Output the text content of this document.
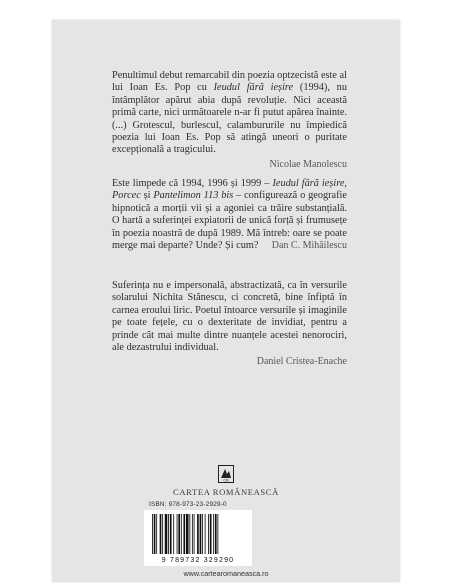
Penultimul debut remarcabil din poezia optzecistă este al lui Ioan Es. Pop cu Ieudul fără ieșire (1994), nu întâmplător apărut abia după revoluție. Nici această primă carte, nici următoarele n-ar fi putut apărea înainte. (...) Grotescul, burlescul, calambururile nu împiedică poezia lui Ioan Es. Pop să atingă uneori o puritate excepțională a tragicului.

Nicolae Manolescu

Este limpede că 1994, 1996 și 1999 – Ieudul fără ieșire, Porcec și Pantelimon 113 bis – configurează o geografie hipnotică a morții vii și a agoniei ca trăire substanțială. O hartă a suferinței expiatorii de unică forță și frumusețe în poezia noastră de după 1989. Mă întreb: oare se poate merge mai departe? Unde? Și cum?	Dan C. Mihăilescu

Suferința nu e impersonală, abstractizată, ca în versurile solarului Nichita Stănescu, ci concretă, bine înfiptă în carnea eroului liric. Poetul întoarce versurile și imaginile pe toate fețele, cu o dexteritate de invidiat, pentru a prinde cât mai multe dintre nuanțele acestei nenorociri, ale dezastrului individual.

Daniel Cristea-Enache
CR
CARTEA ROMÂNEASCĂ
ISBN: 978-973-23-2929-0
9 789732 329290
www.cartearomaneasca.ro
